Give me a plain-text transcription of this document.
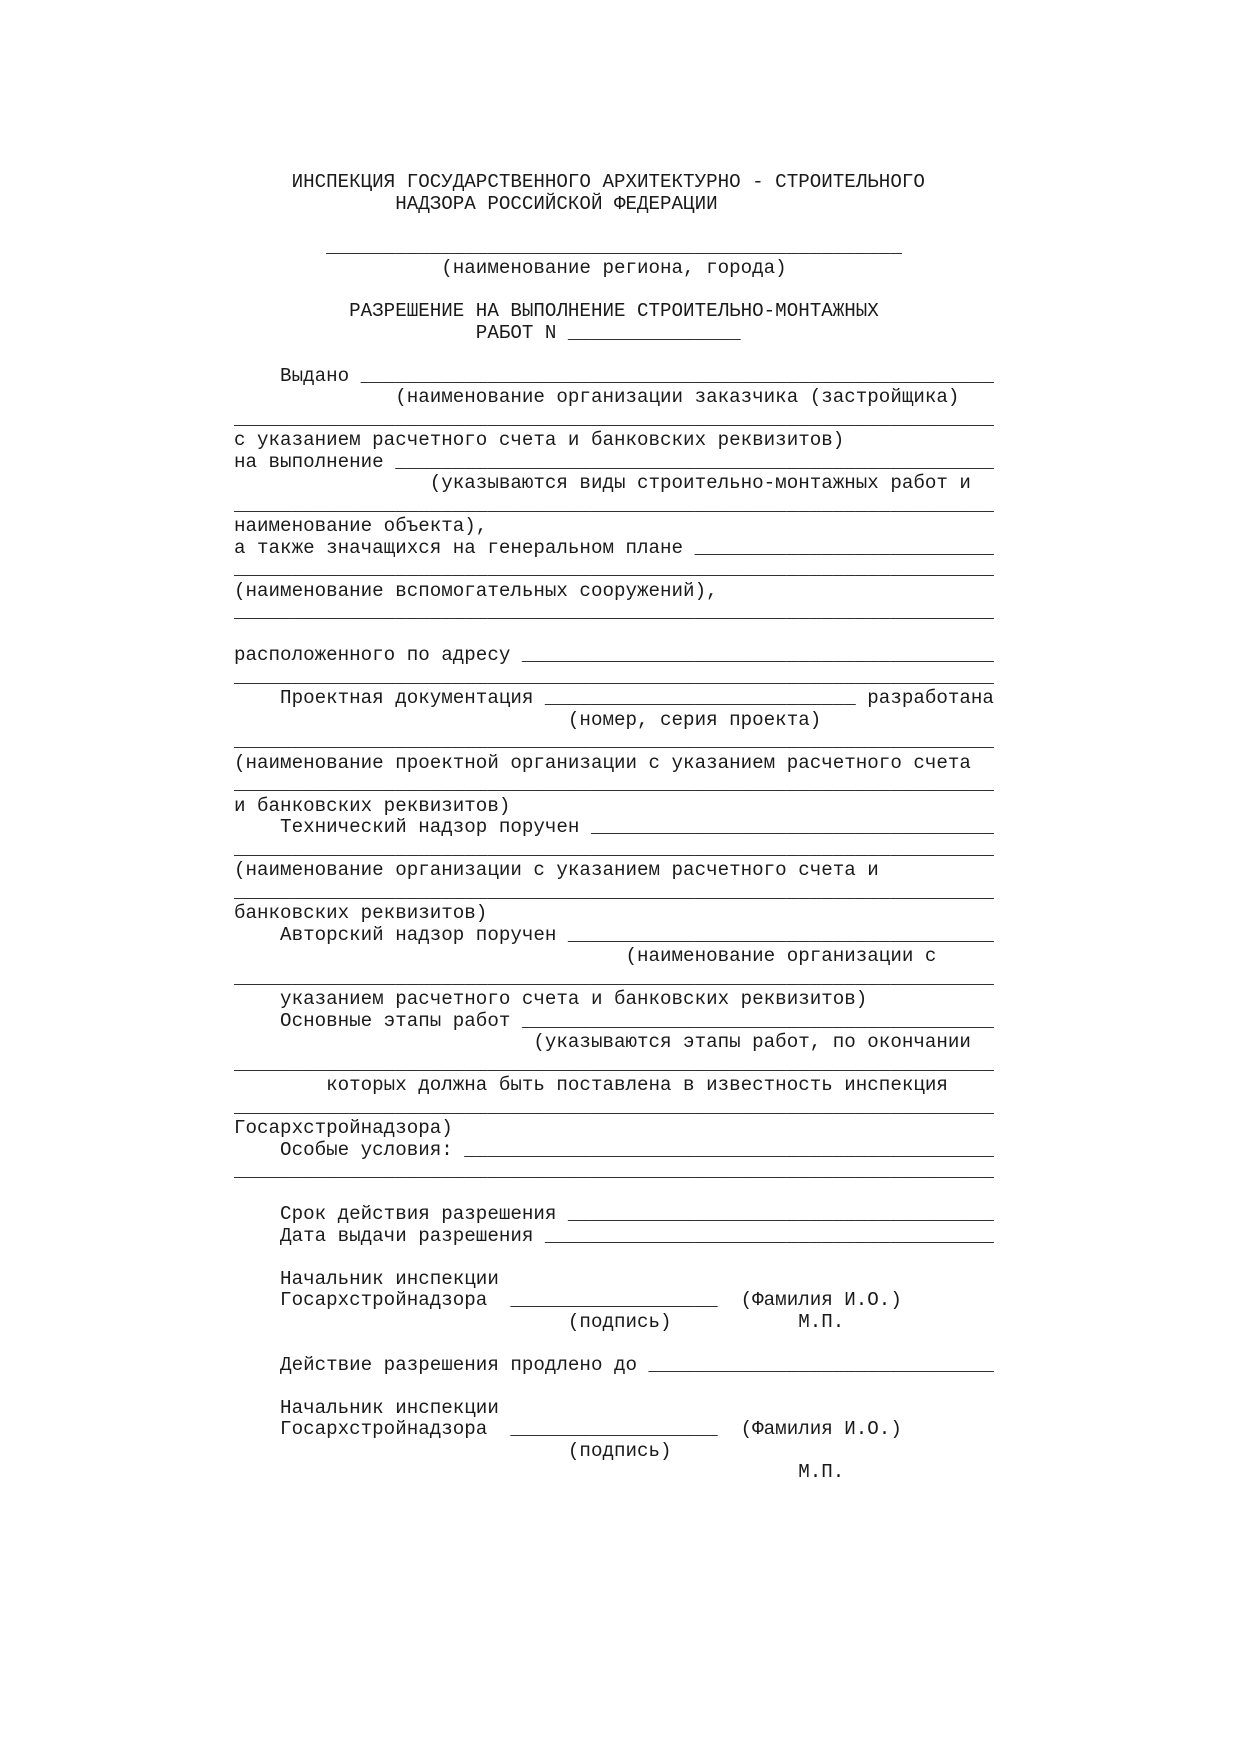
ИНСПЕКЦИЯ ГОСУДАРСТВЕННОГО АРХИТЕКТУРНО - СТРОИТЕЛЬНОГО
НАДЗОРА РОССИЙСКОЙ ФЕДЕРАЦИИ
__________________________________________________
(наименование региона, города)
РАЗРЕШЕНИЕ НА ВЫПОЛНЕНИЕ СТРОИТЕЛЬНО-МОНТАЖНЫХ
РАБОТ N _______________
Выдано _______________________________________________________
(наименование организации заказчика (застройщика)
__________________________________________________________________
с указанием расчетного счета и банковских реквизитов)
на выполнение ____________________________________________________
(указываются виды строительно-монтажных работ и
__________________________________________________________________
наименование объекта),
а также значащихся на генеральном плане __________________________
__________________________________________________________________
(наименование вспомогательных сооружений),
__________________________________________________________________
расположенного по адресу _________________________________________
__________________________________________________________________
Проектная документация ___________________________ разработана
(номер, серия проекта)
__________________________________________________________________
(наименование проектной организации с указанием расчетного счета
__________________________________________________________________
и банковских реквизитов)
Технический надзор поручен ___________________________________
__________________________________________________________________
(наименование организации с указанием расчетного счета и
__________________________________________________________________
банковских реквизитов)
Авторский надзор поручен _____________________________________
(наименование организации с
__________________________________________________________________
указанием расчетного счета и банковских реквизитов)
Основные этапы работ _________________________________________
(указываются этапы работ, по окончании
__________________________________________________________________
которых должна быть поставлена в известность инспекция
__________________________________________________________________
Госархстройнадзора)
Особые условия: ______________________________________________
__________________________________________________________________
Срок действия разрешения _____________________________________
Дата выдачи разрешения _______________________________________
Начальник инспекции
Госархстройнадзора  __________________  (Фамилия И.О.)
(подпись)           М.П.
Действие разрешения продлено до ______________________________
Начальник инспекции
Госархстройнадзора  __________________  (Фамилия И.О.)
(подпись)
М.П.
